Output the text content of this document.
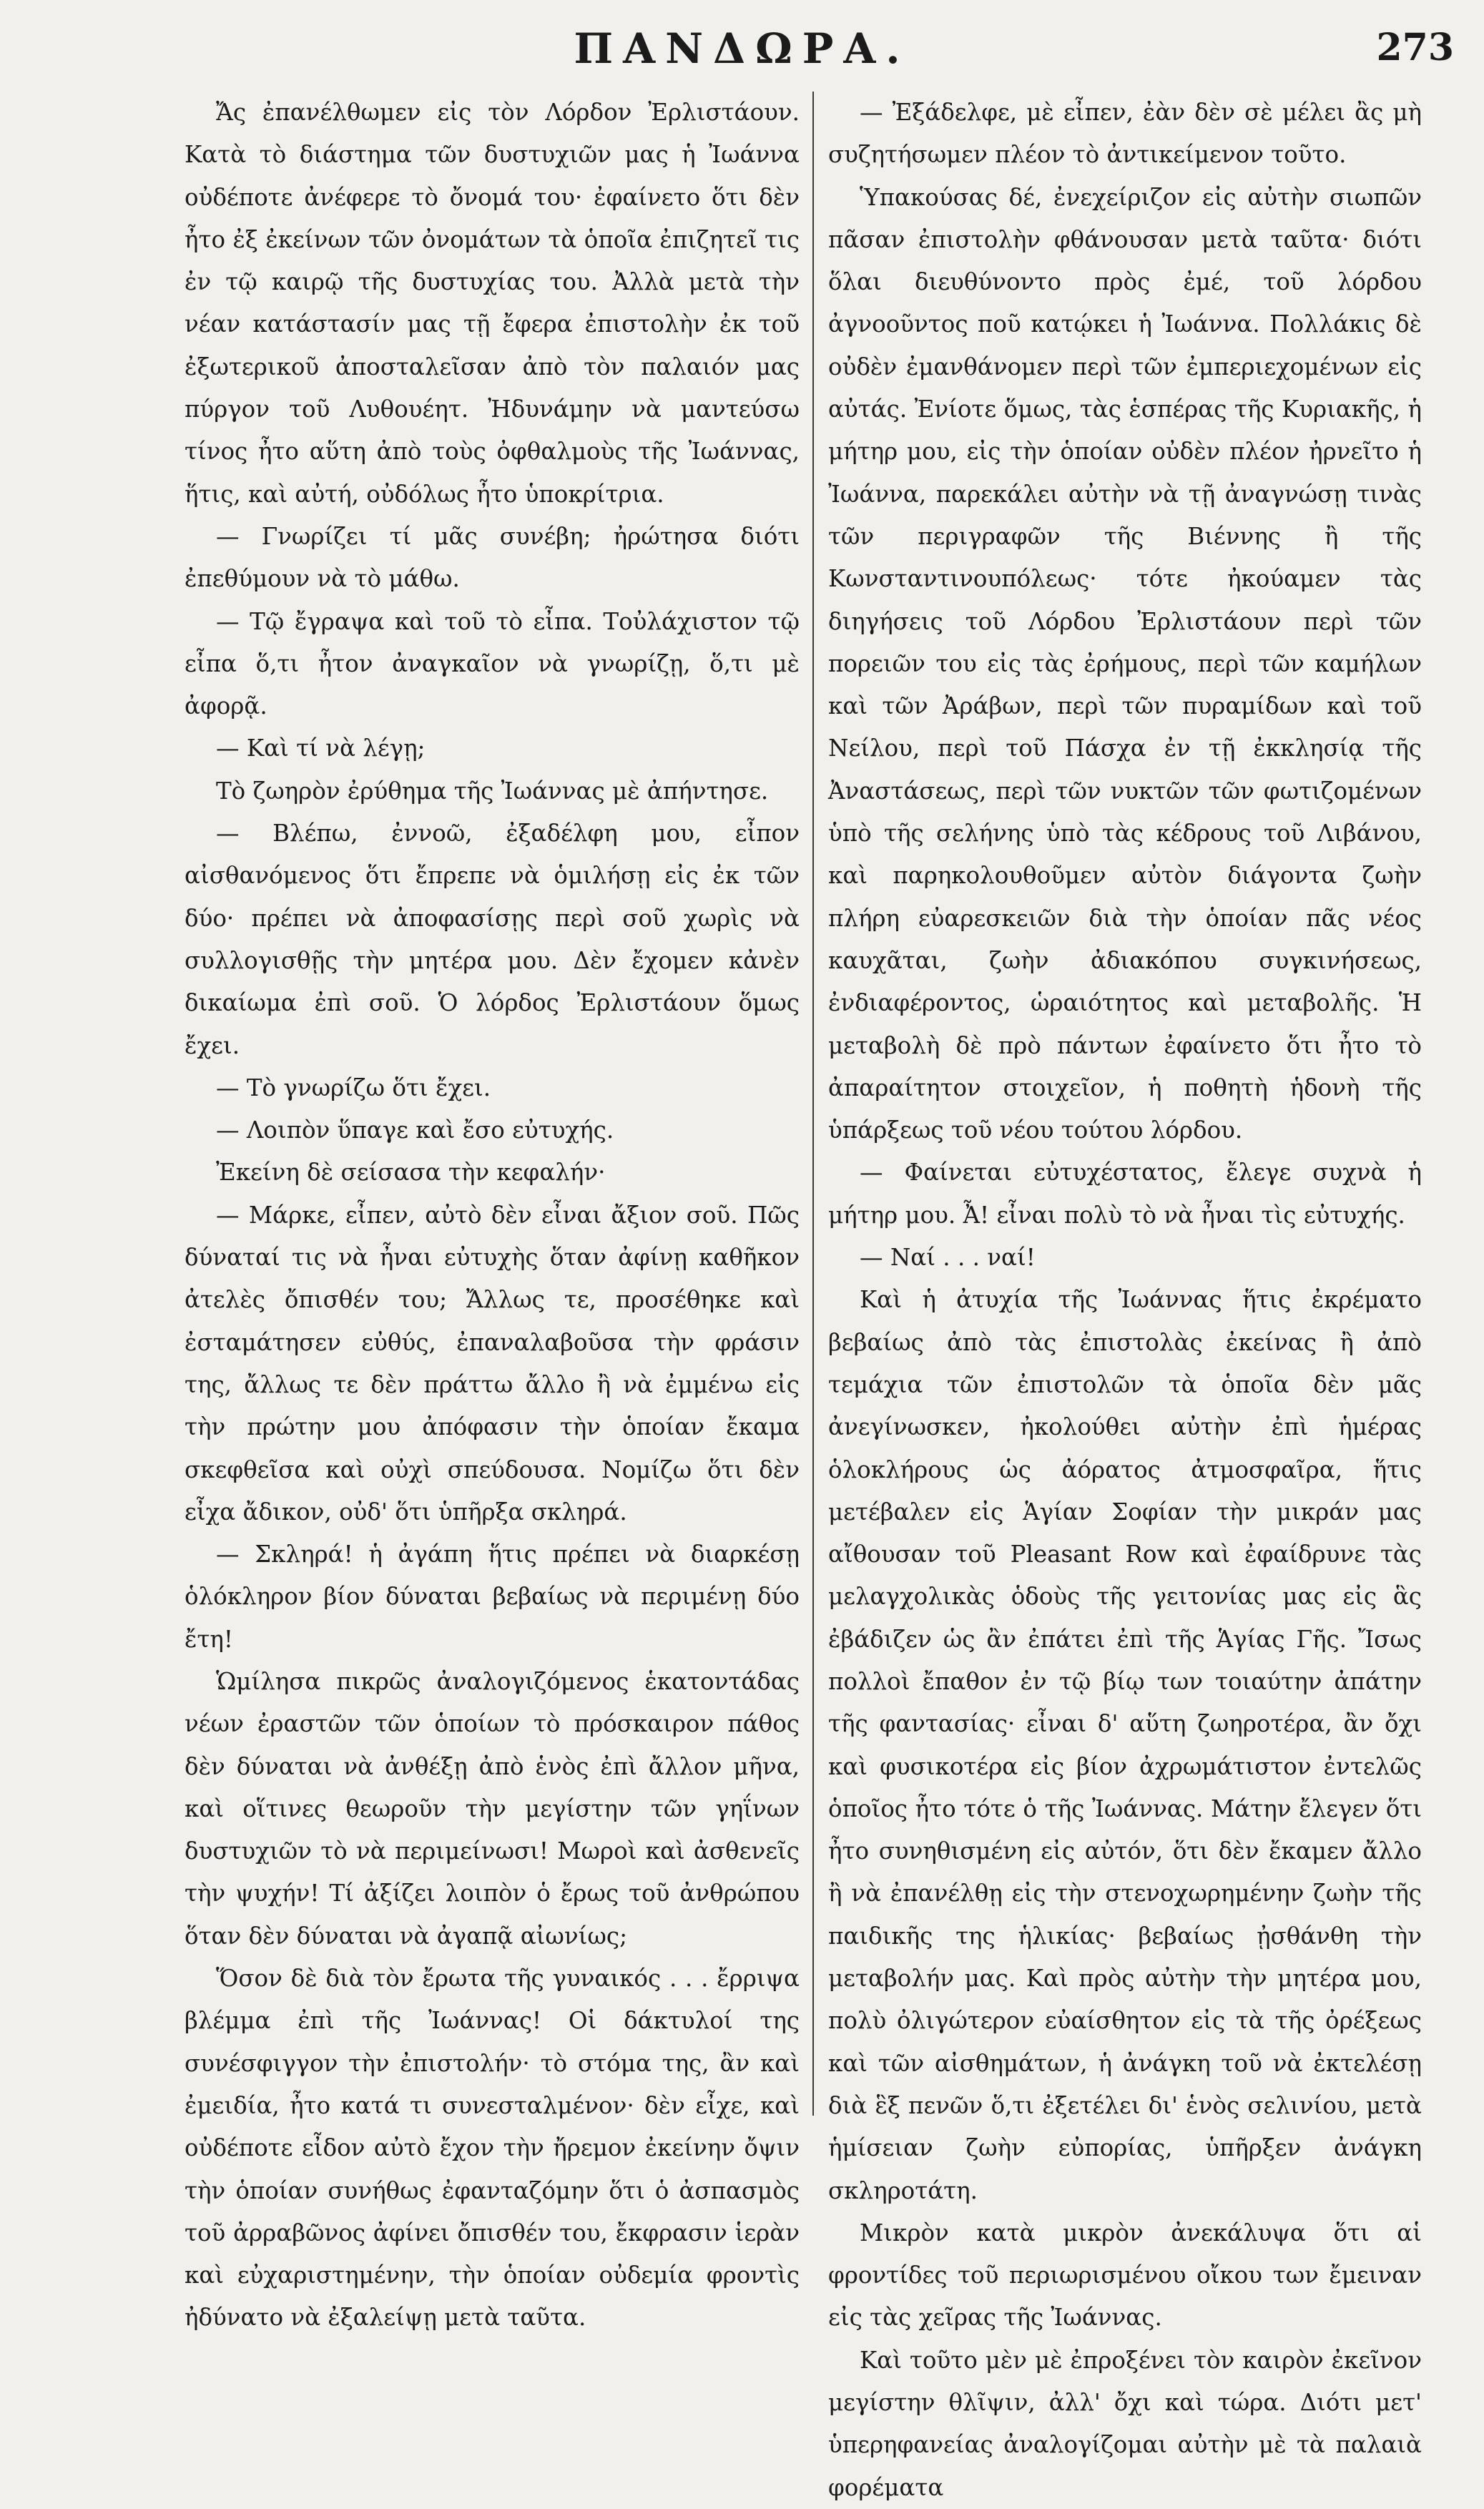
ΠΑΝΔΩΡΑ.	273

Ἄς ἐπανέλθωμεν εἰς τὸν Λόρδον Ἐρλιστάουν. Κατὰ τὸ διάστημα τῶν δυστυχιῶν μας ἡ Ἰωάννα οὐδέποτε ἀνέφερε τὸ ὄνομά του· ἐφαίνετο ὅτι δὲν ἦτο ἐξ ἐκείνων τῶν ὀνομάτων τὰ ὁποῖα ἐπιζητεῖ τις ἐν τῷ καιρῷ τῆς δυστυχίας του. Ἀλλὰ μετὰ τὴν νέαν κατάστασίν μας τῇ ἔφερα ἐπιστολὴν ἐκ τοῦ ἐξωτερικοῦ ἀποσταλεῖσαν ἀπὸ τὸν παλαιόν μας πύργον τοῦ Λυθουέητ. Ἠδυνάμην νὰ μαντεύσω τίνος ἦτο αὕτη ἀπὸ τοὺς ὀφθαλμοὺς τῆς Ἰωάννας, ἥτις, καὶ αὐτή, οὐδόλως ἦτο ὑποκρίτρια.

— Γνωρίζει τί μᾶς συνέβη; ἠρώτησα διότι ἐπεθύμουν νὰ τὸ μάθω.

— Τῷ ἔγραψα καὶ τοῦ τὸ εἶπα. Τοὐλάχιστον τῷ εἶπα ὅ,τι ἦτον ἀναγκαῖον νὰ γνωρίζῃ, ὅ,τι μὲ ἀφορᾷ.

— Καὶ τί νὰ λέγῃ;

Τὸ ζωηρὸν ἐρύθημα τῆς Ἰωάννας μὲ ἀπήντησε.

— Βλέπω, ἐννοῶ, ἐξαδέλφη μου, εἶπον αἰσθανόμενος ὅτι ἔπρεπε νὰ ὁμιλήσῃ εἰς ἐκ τῶν δύο· πρέπει νὰ ἀποφασίσῃς περὶ σοῦ χωρὶς νὰ συλλογισθῇς τὴν μητέρα μου. Δὲν ἔχομεν κἀνὲν δικαίωμα ἐπὶ σοῦ. Ὁ λόρδος Ἐρλιστάουν ὅμως ἔχει.

— Τὸ γνωρίζω ὅτι ἔχει.

— Λοιπὸν ὕπαγε καὶ ἔσο εὐτυχής.

Ἐκείνη δὲ σείσασα τὴν κεφαλήν·

— Μάρκε, εἶπεν, αὐτὸ δὲν εἶναι ἄξιον σοῦ. Πῶς δύναταί τις νὰ ἦναι εὐτυχὴς ὅταν ἀφίνῃ καθῆκον ἀτελὲς ὄπισθέν του; Ἄλλως τε, προσέθηκε καὶ ἐσταμάτησεν εὐθύς, ἐπαναλαβοῦσα τὴν φράσιν της, ἄλλως τε δὲν πράττω ἄλλο ἢ νὰ ἐμμένω εἰς τὴν πρώτην μου ἀπόφασιν τὴν ὁποίαν ἔκαμα σκεφθεῖσα καὶ οὐχὶ σπεύδουσα. Νομίζω ὅτι δὲν εἶχα ἄδικον, οὐδ' ὅτι ὑπῆρξα σκληρά.

— Σκληρά! ἡ ἀγάπη ἥτις πρέπει νὰ διαρκέσῃ ὁλόκληρον βίον δύναται βεβαίως νὰ περιμένῃ δύο ἔτη!

Ὡμίλησα πικρῶς ἀναλογιζόμενος ἑκατοντάδας νέων ἐραστῶν τῶν ὁποίων τὸ πρόσκαιρον πάθος δὲν δύναται νὰ ἀνθέξῃ ἀπὸ ἑνὸς ἐπὶ ἄλλον μῆνα, καὶ οἵτινες θεωροῦν τὴν μεγίστην τῶν γηΐνων δυστυχιῶν τὸ νὰ περιμείνωσι! Μωροὶ καὶ ἀσθενεῖς τὴν ψυχήν! Τί ἀξίζει λοιπὸν ὁ ἔρως τοῦ ἀνθρώπου ὅταν δὲν δύναται νὰ ἀγαπᾷ αἰωνίως;

Ὅσον δὲ διὰ τὸν ἔρωτα τῆς γυναικός . . . ἔρριψα βλέμμα ἐπὶ τῆς Ἰωάννας! Οἱ δάκτυλοί της συνέσφιγγον τὴν ἐπιστολήν· τὸ στόμα της, ἂν καὶ ἐμειδία, ἦτο κατά τι συνεσταλμένον· δὲν εἶχε, καὶ οὐδέποτε εἶδον αὐτὸ ἔχον τὴν ἤρεμον ἐκείνην ὄψιν τὴν ὁποίαν συνήθως ἐφανταζόμην ὅτι ὁ ἀσπασμὸς τοῦ ἀρραβῶνος ἀφίνει ὄπισθέν του, ἔκφρασιν ἱερὰν καὶ εὐχαριστημένην, τὴν ὁποίαν οὐδεμία φροντὶς ἠδύνατο νὰ ἐξαλείψῃ μετὰ ταῦτα.

— Ἐξάδελφε, μὲ εἶπεν, ἐὰν δὲν σὲ μέλει ἂς μὴ συζητήσωμεν πλέον τὸ ἀντικείμενον τοῦτο.

Ὑπακούσας δέ, ἐνεχείριζον εἰς αὐτὴν σιωπῶν πᾶσαν ἐπιστολὴν φθάνουσαν μετὰ ταῦτα· διότι ὅλαι διευθύνοντο πρὸς ἐμέ, τοῦ λόρδου ἀγνοοῦντος ποῦ κατῴκει ἡ Ἰωάννα. Πολλάκις δὲ οὐδὲν ἐμανθάνομεν περὶ τῶν ἐμπεριεχομένων εἰς αὐτάς. Ἐνίοτε ὅμως, τὰς ἑσπέρας τῆς Κυριακῆς, ἡ μήτηρ μου, εἰς τὴν ὁποίαν οὐδὲν πλέον ἠρνεῖτο ἡ Ἰωάννα, παρεκάλει αὐτὴν νὰ τῇ ἀναγνώσῃ τινὰς τῶν περιγραφῶν τῆς Βιέννης ἢ τῆς Κωνσταντινουπόλεως· τότε ἠκούαμεν τὰς διηγήσεις τοῦ Λόρδου Ἐρλιστάουν περὶ τῶν πορειῶν του εἰς τὰς ἐρήμους, περὶ τῶν καμήλων καὶ τῶν Ἀράβων, περὶ τῶν πυραμίδων καὶ τοῦ Νείλου, περὶ τοῦ Πάσχα ἐν τῇ ἐκκλησίᾳ τῆς Ἀναστάσεως, περὶ τῶν νυκτῶν τῶν φωτιζομένων ὑπὸ τῆς σελήνης ὑπὸ τὰς κέδρους τοῦ Λιβάνου, καὶ παρηκολουθοῦμεν αὐτὸν διάγοντα ζωὴν πλήρη εὐαρεσκειῶν διὰ τὴν ὁποίαν πᾶς νέος καυχᾶται, ζωὴν ἀδιακόπου συγκινήσεως, ἐνδιαφέροντος, ὡραιότητος καὶ μεταβολῆς. Ἡ μεταβολὴ δὲ πρὸ πάντων ἐφαίνετο ὅτι ἦτο τὸ ἀπαραίτητον στοιχεῖον, ἡ ποθητὴ ἡδονὴ τῆς ὑπάρξεως τοῦ νέου τούτου λόρδου.

— Φαίνεται εὐτυχέστατος, ἔλεγε συχνὰ ἡ μήτηρ μου. Ἆ! εἶναι πολὺ τὸ νὰ ἦναι τὶς εὐτυχής.

— Ναί . . . ναί!

Καὶ ἡ ἀτυχία τῆς Ἰωάννας ἥτις ἐκρέματο βεβαίως ἀπὸ τὰς ἐπιστολὰς ἐκείνας ἢ ἀπὸ τεμάχια τῶν ἐπιστολῶν τὰ ὁποῖα δὲν μᾶς ἀνεγίνωσκεν, ἠκολούθει αὐτὴν ἐπὶ ἡμέρας ὁλοκλήρους ὡς ἀόρατος ἀτμοσφαῖρα, ἥτις μετέβαλεν εἰς Ἁγίαν Σοφίαν τὴν μικράν μας αἴθουσαν τοῦ Pleasant Row καὶ ἐφαίδρυνε τὰς μελαγχολικὰς ὁδοὺς τῆς γειτονίας μας εἰς ἃς ἐβάδιζεν ὡς ἂν ἐπάτει ἐπὶ τῆς Ἁγίας Γῆς. Ἴσως πολλοὶ ἔπαθον ἐν τῷ βίῳ των τοιαύτην ἀπάτην τῆς φαντασίας· εἶναι δ' αὕτη ζωηροτέρα, ἂν ὄχι καὶ φυσικοτέρα εἰς βίον ἀχρωμάτιστον ἐντελῶς ὁποῖος ἦτο τότε ὁ τῆς Ἰωάννας. Μάτην ἔλεγεν ὅτι ἦτο συνηθισμένη εἰς αὐτόν, ὅτι δὲν ἔκαμεν ἄλλο ἢ νὰ ἐπανέλθῃ εἰς τὴν στενοχωρημένην ζωὴν τῆς παιδικῆς της ἡλικίας· βεβαίως ᾐσθάνθη τὴν μεταβολήν μας. Καὶ πρὸς αὐτὴν τὴν μητέρα μου, πολὺ ὀλιγώτερον εὐαίσθητον εἰς τὰ τῆς ὀρέξεως καὶ τῶν αἰσθημάτων, ἡ ἀνάγκη τοῦ νὰ ἐκτελέσῃ διὰ ἓξ πενῶν ὅ,τι ἐξετέλει δι' ἑνὸς σελινίου, μετὰ ἡμίσειαν ζωὴν εὐπορίας, ὑπῆρξεν ἀνάγκη σκληροτάτη.

Μικρὸν κατὰ μικρὸν ἀνεκάλυψα ὅτι αἱ φροντίδες τοῦ περιωρισμένου οἴκου των ἔμειναν εἰς τὰς χεῖρας τῆς Ἰωάννας.

Καὶ τοῦτο μὲν μὲ ἐπροξένει τὸν καιρὸν ἐκεῖνον μεγίστην θλῖψιν, ἀλλ' ὄχι καὶ τώρα. Διότι μετ' ὑπερηφανείας ἀναλογίζομαι αὐτὴν μὲ τὰ παλαιὰ φορέματα
